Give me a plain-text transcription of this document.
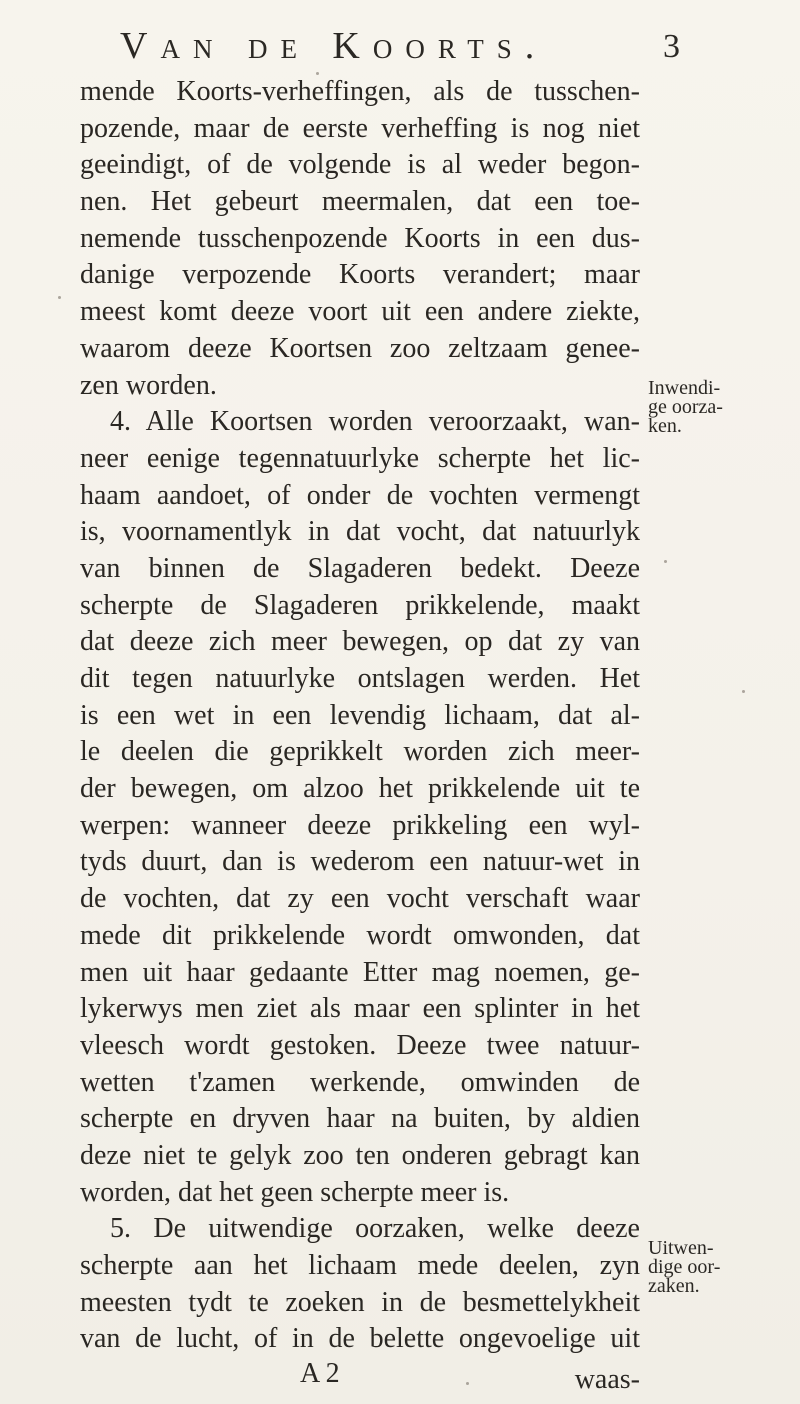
Van de Koorts.	3
mende Koorts-verheffingen, als de tusschen-
pozende, maar de eerste verheffing is nog niet
geeindigt, of de volgende is al weder begon-
nen. Het gebeurt meermalen, dat een toe-
nemende tusschenpozende Koorts in een dus-
danige verpozende Koorts verandert; maar
meest komt deeze voort uit een andere ziekte,
waarom deeze Koortsen zoo zeltzaam genee-
zen worden.
4. Alle Koortsen worden veroorzaakt, wan-
neer eenige tegennatuurlyke scherpte het lic-
haam aandoet, of onder de vochten vermengt
is, voornamentlyk in dat vocht, dat natuurlyk
van binnen de Slagaderen bedekt. Deeze
scherpte de Slagaderen prikkelende, maakt
dat deeze zich meer bewegen, op dat zy van
dit tegen natuurlyke ontslagen werden. Het
is een wet in een levendig lichaam, dat al-
le deelen die geprikkelt worden zich meer-
der bewegen, om alzoo het prikkelende uit te
werpen: wanneer deeze prikkeling een wyl-
tyds duurt, dan is wederom een natuur-wet in
de vochten, dat zy een vocht verschaft waar
mede dit prikkelende wordt omwonden, dat
men uit haar gedaante Etter mag noemen, ge-
lykerwys men ziet als maar een splinter in het
vleesch wordt gestoken. Deeze twee natuur-
wetten t'zamen werkende, omwinden de
scherpte en dryven haar na buiten, by aldien
deze niet te gelyk zoo ten onderen gebragt kan
worden, dat het geen scherpte meer is.
5. De uitwendige oorzaken, welke deeze
scherpte aan het lichaam mede deelen, zyn
meesten tydt te zoeken in de besmettelykheit
van de lucht, of in de belette ongevoelige uit
Inwendi-
ge oorza-
ken.
Uitwen-
dige oor-
zaken.
A 2	waas-
